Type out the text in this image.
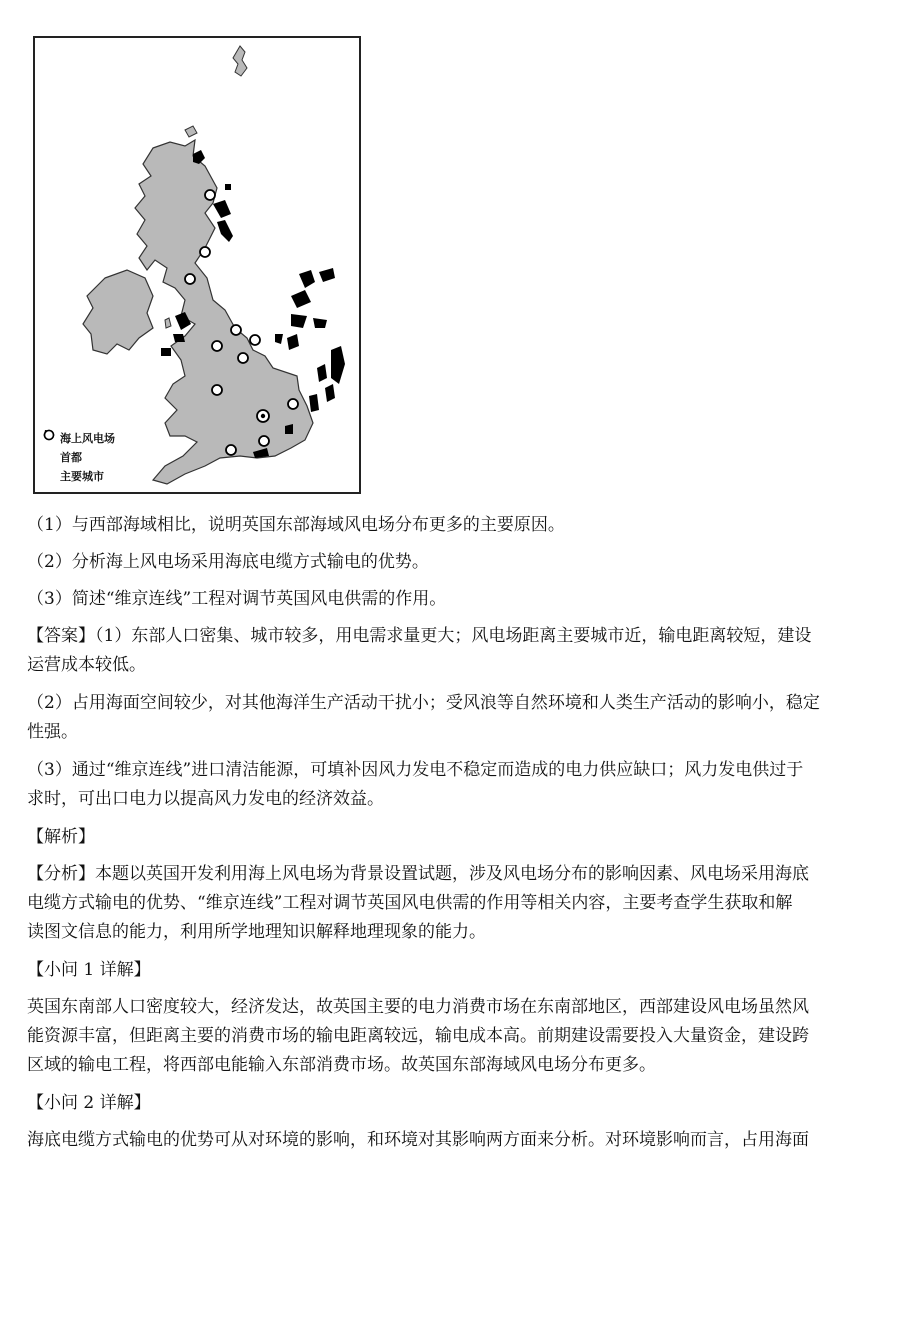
海上风电场
首都
主要城市
（1）与西部海域相比，说明英国东部海域风电场分布更多的主要原因。
（2）分析海上风电场采用海底电缆方式输电的优势。
（3）简述“维京连线”工程对调节英国风电供需的作用。
【答案】（1）东部人口密集、城市较多，用电需求量更大；风电场距离主要城市近，输电距离较短，建设
运营成本较低。
（2）占用海面空间较少，对其他海洋生产活动干扰小；受风浪等自然环境和人类生产活动的影响小，稳定
性强。
（3）通过“维京连线”进口清洁能源，可填补因风力发电不稳定而造成的电力供应缺口；风力发电供过于
求时，可出口电力以提高风力发电的经济效益。
【解析】
【分析】本题以英国开发利用海上风电场为背景设置试题，涉及风电场分布的影响因素、风电场采用海底
电缆方式输电的优势、“维京连线”工程对调节英国风电供需的作用等相关内容，主要考查学生获取和解
读图文信息的能力，利用所学地理知识解释地理现象的能力。
【小问 1 详解】
英国东南部人口密度较大，经济发达，故英国主要的电力消费市场在东南部地区，西部建设风电场虽然风
能资源丰富，但距离主要的消费市场的输电距离较远，输电成本高。前期建设需要投入大量资金，建设跨
区域的输电工程，将西部电能输入东部消费市场。故英国东部海域风电场分布更多。
【小问 2 详解】
海底电缆方式输电的优势可从对环境的影响，和环境对其影响两方面来分析。对环境影响而言，占用海面
